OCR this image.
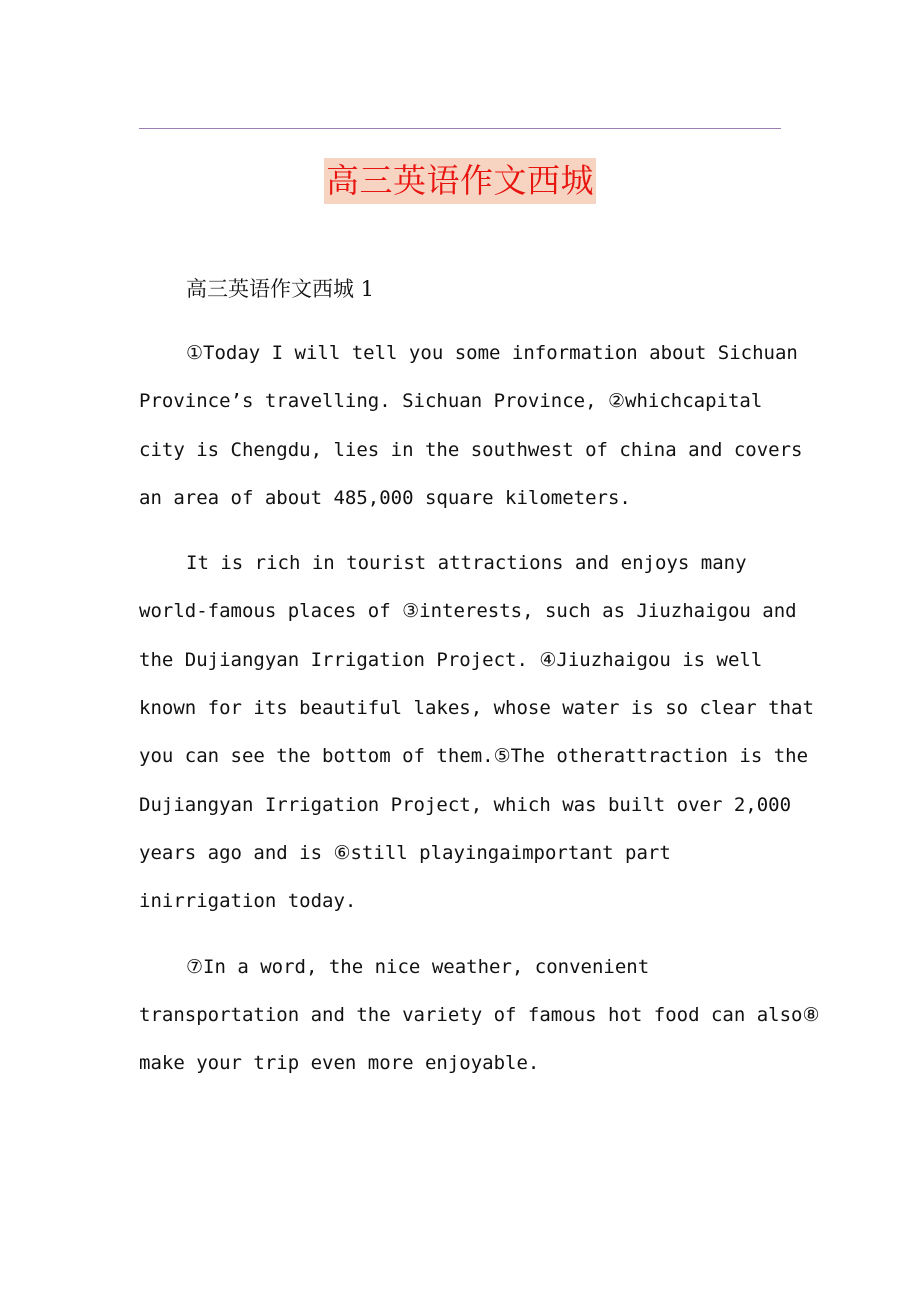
高三英语作文西城
高三英语作文西城 1
①Today I will tell you some information about Sichuan
Province’s travelling. Sichuan Province, ②whichcapital
city is Chengdu, lies in the southwest of china and covers
an area of about 485,000 square kilometers.
It is rich in tourist attractions and enjoys many
world-famous places of ③interests, such as Jiuzhaigou and
the Dujiangyan Irrigation Project. ④Jiuzhaigou is well
known for its beautiful lakes, whose water is so clear that
you can see the bottom of them.⑤The otherattraction is the
Dujiangyan Irrigation Project, which was built over 2,000
years ago and is ⑥still playingaimportant part
inirrigation today.
⑦In a word, the nice weather, convenient
transportation and the variety of famous hot food can also⑧
make your trip even more enjoyable.
